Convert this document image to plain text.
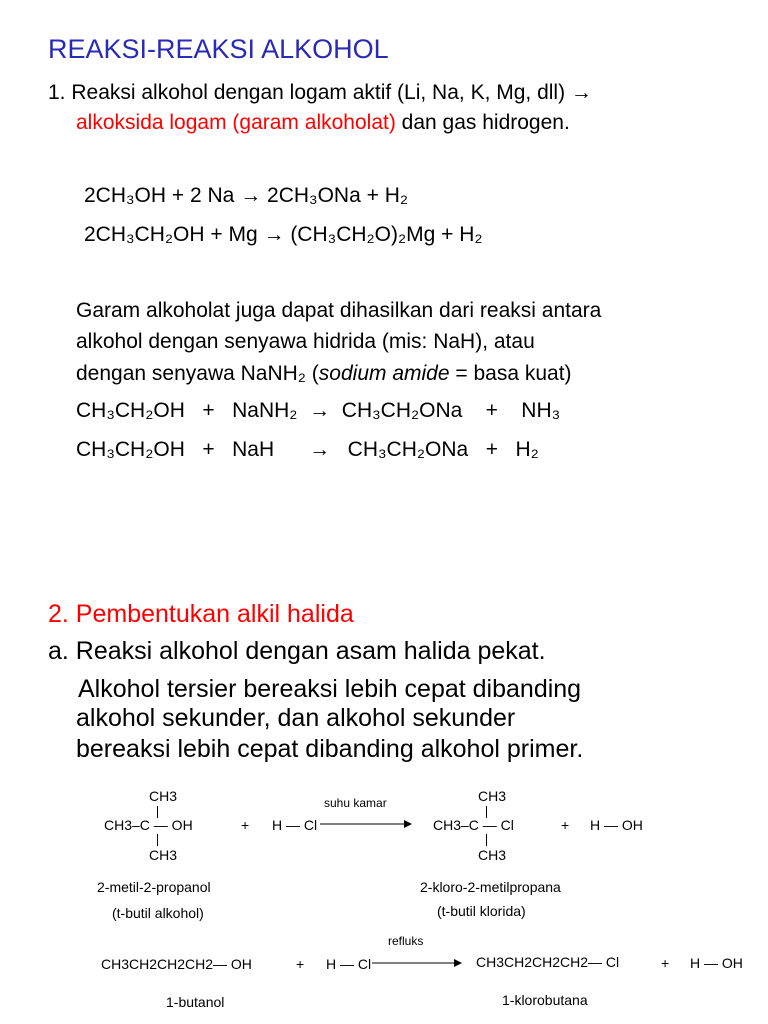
REAKSI-REAKSI ALKOHOL
1. Reaksi alkohol dengan logam aktif (Li, Na, K, Mg, dll) →
alkoksida logam (garam alkoholat) dan gas hidrogen.
2CH₃OH + 2 Na → 2CH₃ONa + H₂
2CH₃CH₂OH + Mg → (CH₃CH₂O)₂Mg + H₂
Garam alkoholat juga dapat dihasilkan dari reaksi antara
alkohol dengan senyawa hidrida (mis: NaH), atau
dengan senyawa NaNH₂ (sodium amide = basa kuat)
CH₃CH₂OH   +   NaNH₂  →  CH₃CH₂ONa    +    NH₃
CH₃CH₂OH   +   NaH      →   CH₃CH₂ONa   +   H₂
2. Pembentukan alkil halida
a. Reaksi alkohol dengan asam halida pekat.
Alkohol tersier bereaksi lebih cepat dibanding
alkohol sekunder, dan alkohol sekunder
bereaksi lebih cepat dibanding alkohol primer.
CH3
CH3–C — OH
CH3
+ H — Cl
suhu kamar	CH3
CH3–C — Cl
CH3
+ H — OH
2-metil-2-propanol
(t-butil alkohol)
2-kloro-2-metilpropana
(t-butil klorida)
CH3CH2CH2CH2— OH	+ H — Cl
refluks
CH3CH2CH2CH2— Cl	+ H — OH
1-butanol	1-klorobutana
